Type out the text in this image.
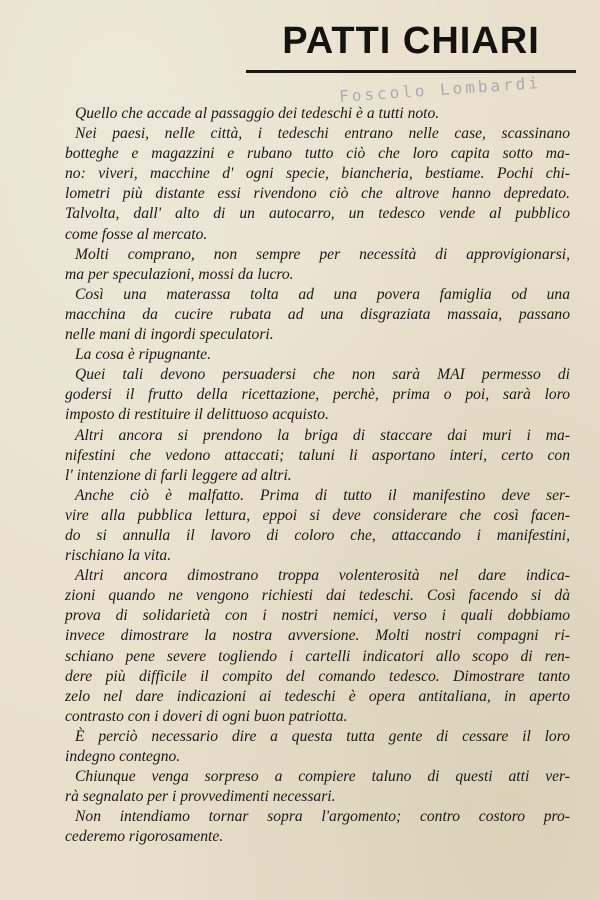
PATTI CHIARI
Foscolo Lombardi
Quello che accade al passaggio dei tedeschi è a tutti noto.
Nei paesi, nelle città, i tedeschi entrano nelle case, scassinano
botteghe e magazzini e rubano tutto ciò che loro capita sotto ma-
no: viveri, macchine d' ogni specie, biancheria, bestiame. Pochi chi-
lometri più distante essi rivendono ciò che altrove hanno depredato.
Talvolta, dall' alto di un autocarro, un tedesco vende al pubblico
come fosse al mercato.
Molti comprano, non sempre per necessità di approvigionarsi,
ma per speculazioni, mossi da lucro.
Così una materassa tolta ad una povera famiglia od una
macchina da cucire rubata ad una disgraziata massaia, passano
nelle mani di ingordi speculatori.
La cosa è ripugnante.
Quei tali devono persuadersi che non sarà MAI permesso di
godersi il frutto della ricettazione, perchè, prima o poi, sarà loro
imposto di restituire il delittuoso acquisto.
Altri ancora si prendono la briga di staccare dai muri i ma-
nifestini che vedono attaccati; taluni li asportano interi, certo con
l' intenzione di farli leggere ad altri.
Anche ciò è malfatto. Prima di tutto il manifestino deve ser-
vire alla pubblica lettura, eppoi si deve considerare che così facen-
do si annulla il lavoro di coloro che, attaccando i manifestini,
rischiano la vita.
Altri ancora dimostrano troppa volenterosità nel dare indica-
zioni quando ne vengono richiesti dai tedeschi. Così facendo si dà
prova di solidarietà con i nostri nemici, verso i quali dobbiamo
invece dimostrare la nostra avversione. Molti nostri compagni ri-
schiano pene severe togliendo i cartelli indicatori allo scopo di ren-
dere più difficile il compito del comando tedesco. Dimostrare tanto
zelo nel dare indicazioni ai tedeschi è opera antitaliana, in aperto
contrasto con i doveri di ogni buon patriotta.
È perciò necessario dire a questa tutta gente di cessare il loro
indegno contegno.
Chiunque venga sorpreso a compiere taluno di questi atti ver-
rà segnalato per i provvedimenti necessari.
Non intendiamo tornar sopra l'argomento; contro costoro pro-
cederemo rigorosamente.
